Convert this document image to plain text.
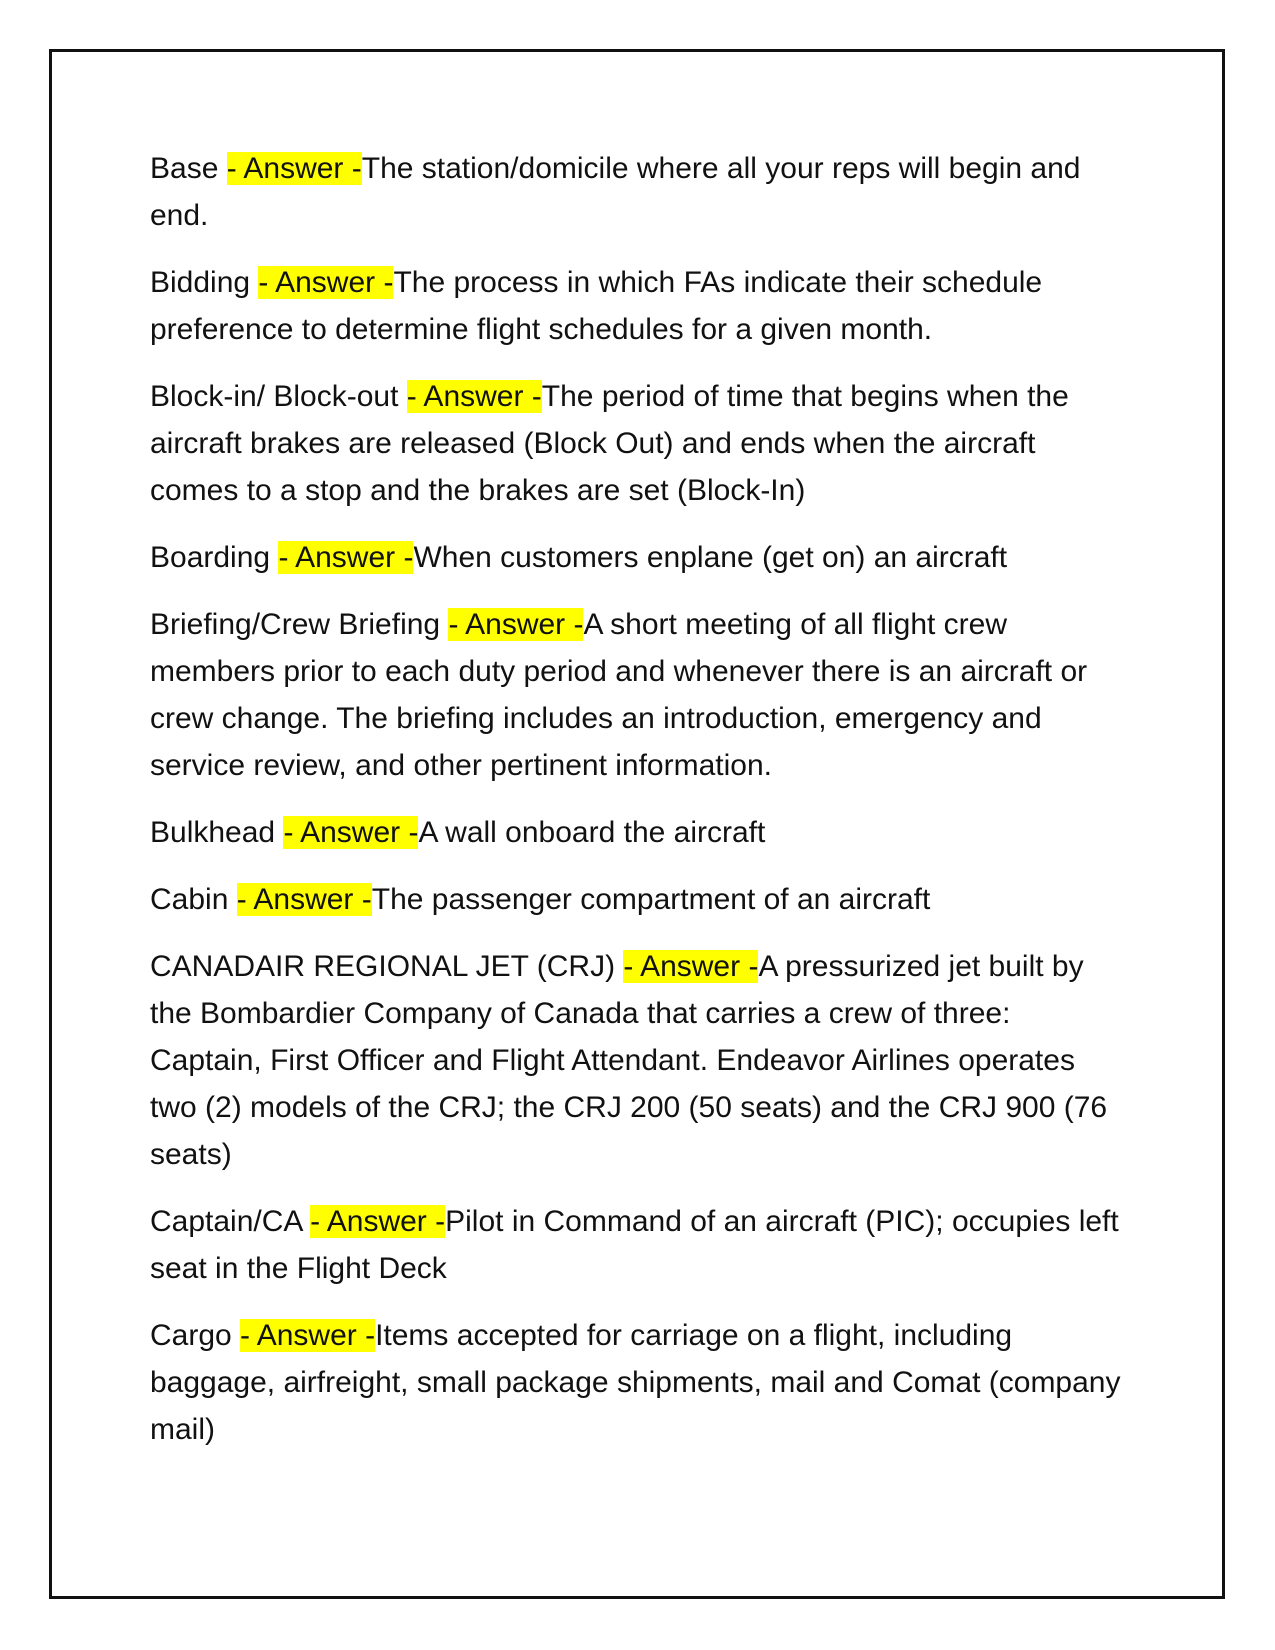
Base - Answer -The station/domicile where all your reps will begin and end.

Bidding - Answer -The process in which FAs indicate their schedule preference to determine flight schedules for a given month.

Block-in/ Block-out - Answer -The period of time that begins when the aircraft brakes are released (Block Out) and ends when the aircraft comes to a stop and the brakes are set (Block-In)

Boarding - Answer -When customers enplane (get on) an aircraft

Briefing/Crew Briefing - Answer -A short meeting of all flight crew members prior to each duty period and whenever there is an aircraft or crew change. The briefing includes an introduction, emergency and service review, and other pertinent information.

Bulkhead - Answer -A wall onboard the aircraft

Cabin - Answer -The passenger compartment of an aircraft

CANADAIR REGIONAL JET (CRJ) - Answer -A pressurized jet built by the Bombardier Company of Canada that carries a crew of three: Captain, First Officer and Flight Attendant. Endeavor Airlines operates two (2) models of the CRJ; the CRJ 200 (50 seats) and the CRJ 900 (76 seats)

Captain/CA - Answer -Pilot in Command of an aircraft (PIC); occupies left seat in the Flight Deck

Cargo - Answer -Items accepted for carriage on a flight, including baggage, airfreight, small package shipments, mail and Comat (company mail)
